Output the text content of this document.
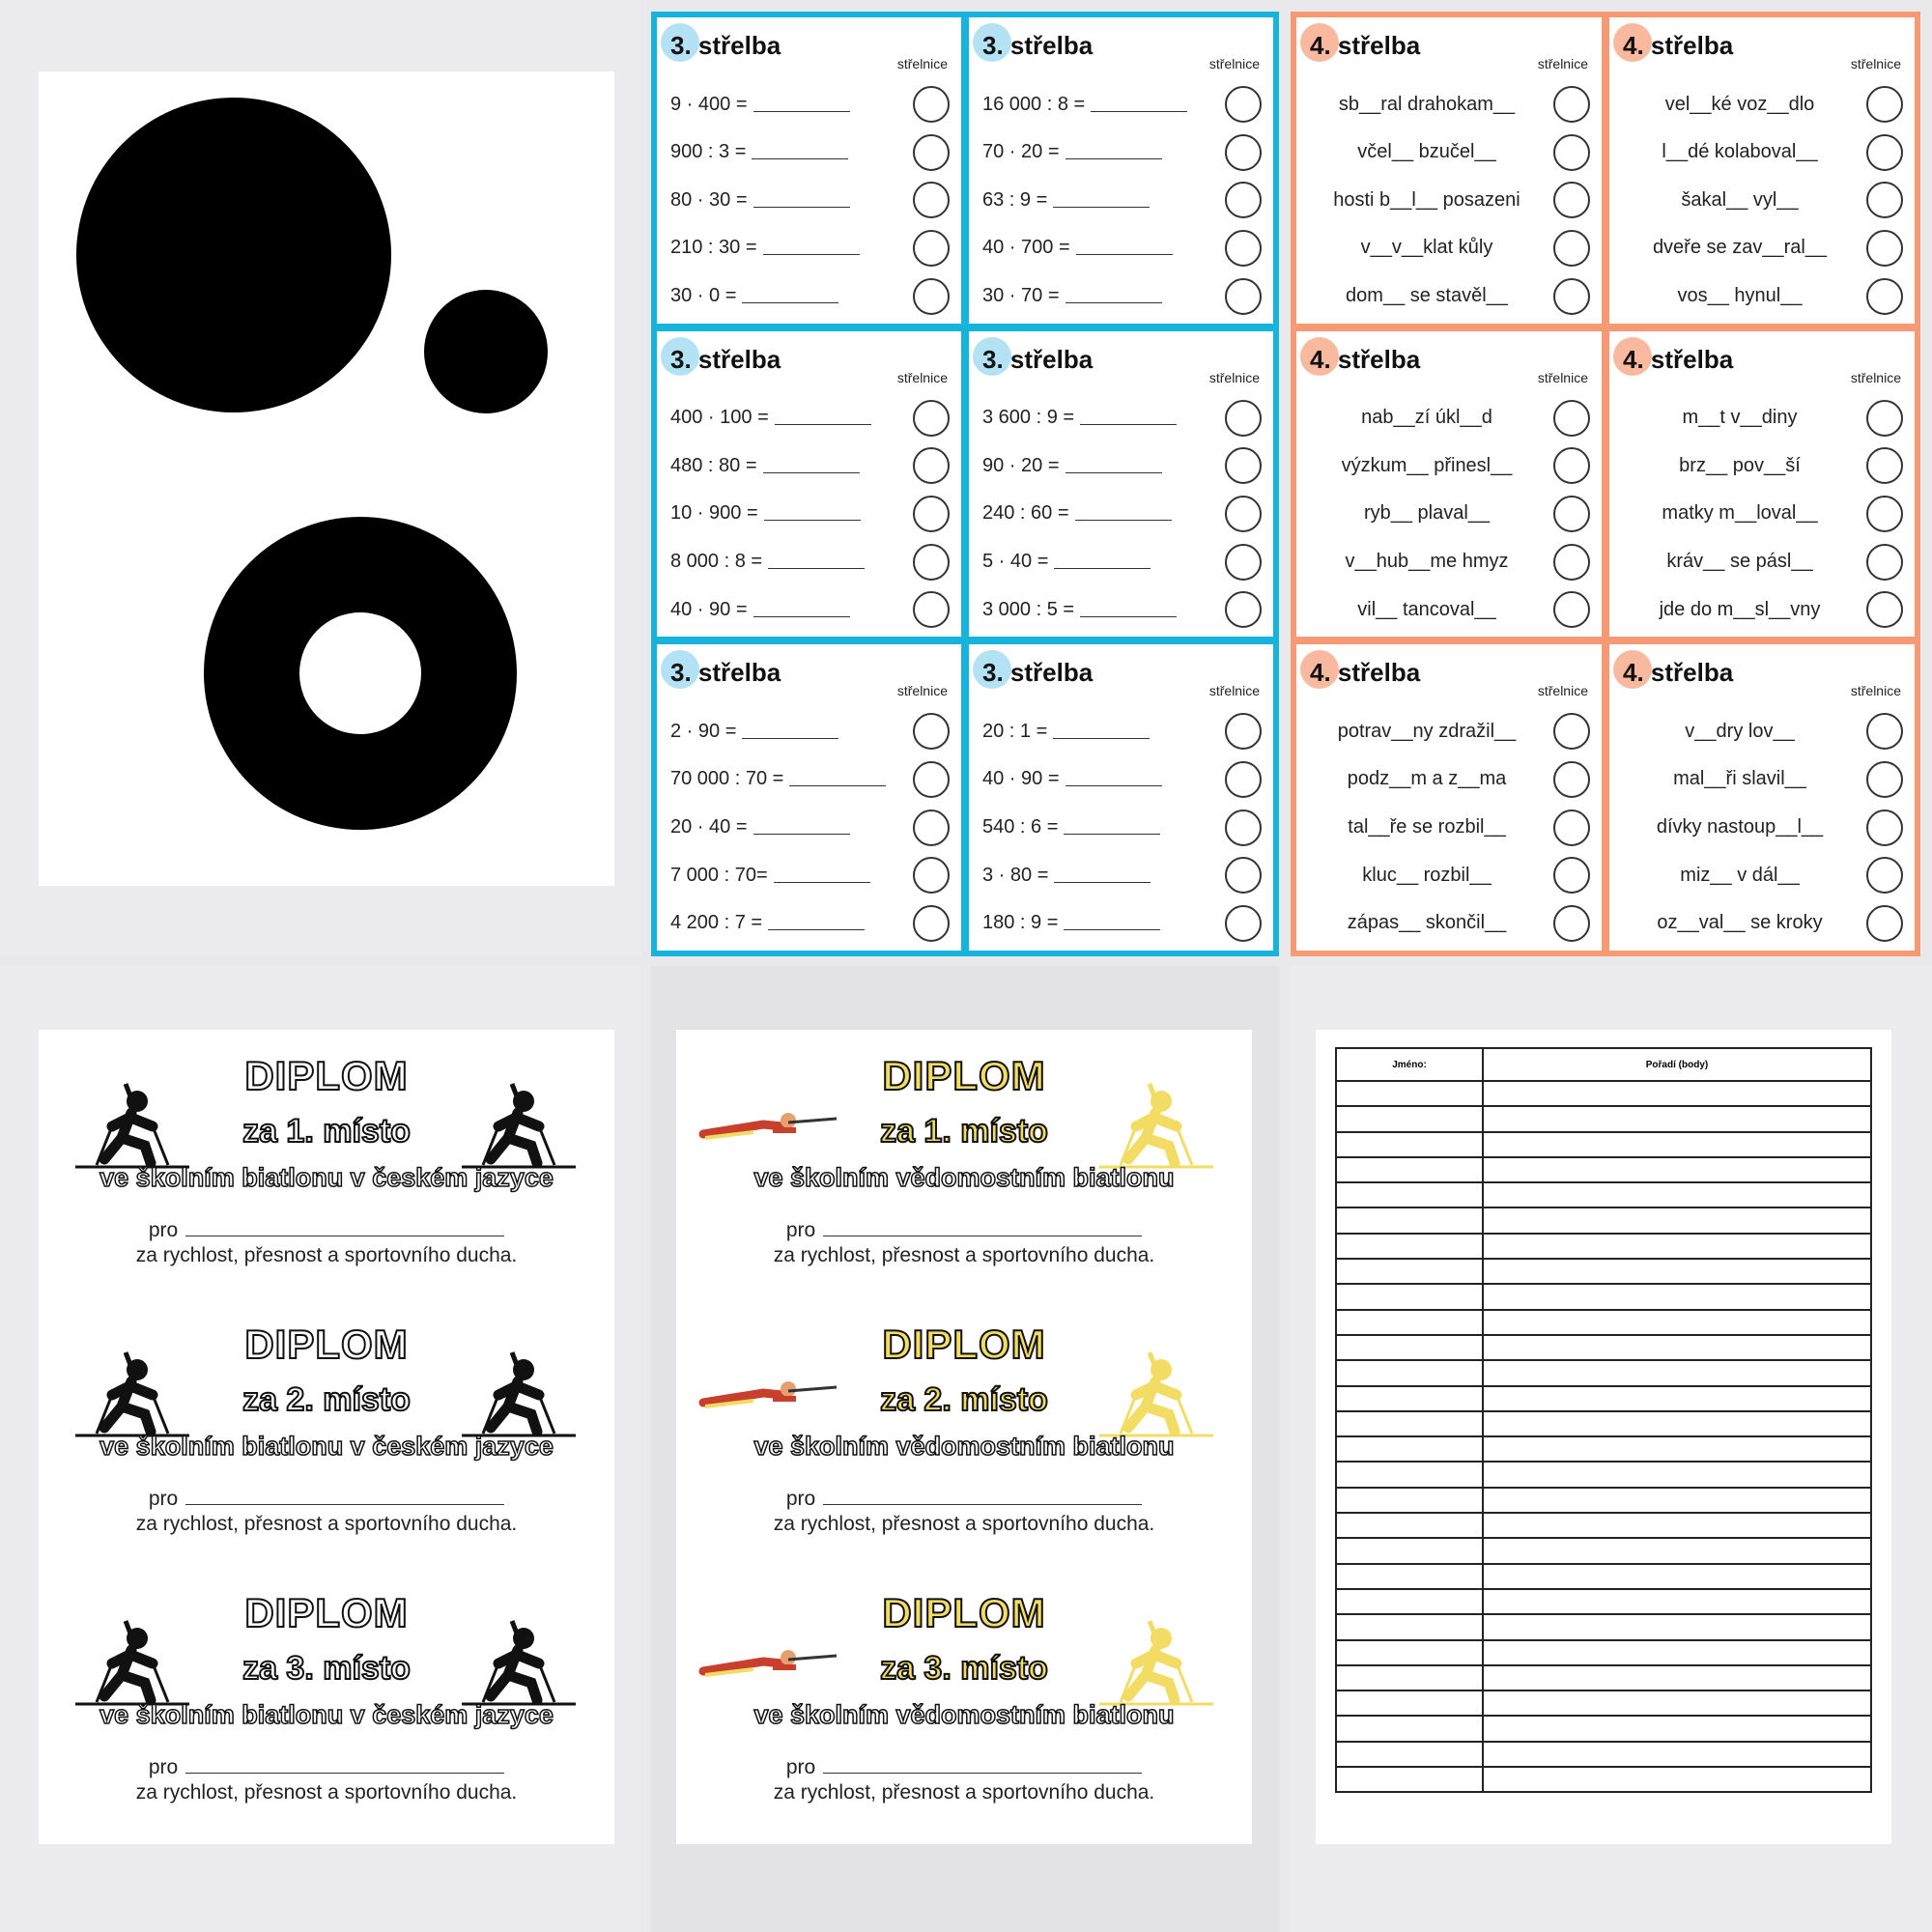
3. střelba
střelnice
9 · 400 =
900 : 3 =
80 · 30 =
210 : 30 =
30 · 0 =
3. střelba
střelnice
16 000 : 8 =
70 · 20 =
63 : 9 =
40 · 700 =
30 · 70 =
3. střelba
střelnice
400 · 100 =
480 : 80 =
10 · 900 =
8 000 : 8 =
40 · 90 =
3. střelba
střelnice
3 600 : 9 =
90 · 20 =
240 : 60 =
5 · 40 =
3 000 : 5 =
3. střelba
střelnice
2 · 90 =
70 000 : 70 =
20 · 40 =
7 000 : 70=
4 200 : 7 =
3. střelba
střelnice
20 : 1 =
40 · 90 =
540 : 6 =
3 · 80 =
180 : 9 =
4. střelba
střelnice
sb__ral drahokam__
včel__ bzučel__
hosti b__l__ posazeni
v__v__klat kůly
dom__ se stavěl__
4. střelba
střelnice
vel__ké voz__dlo
l__dé kolaboval__
šakal__ vyl__
dveře se zav__ral__
vos__ hynul__
4. střelba
střelnice
nab__zí úkl__d
výzkum__ přinesl__
ryb__ plaval__
v__hub__me hmyz
vil__ tancoval__
4. střelba
střelnice
m__t v__diny
brz__ pov__ší
matky m__loval__
kráv__ se pásl__
jde do m__sl__vny
4. střelba
střelnice
potrav__ny zdražil__
podz__m a z__ma
tal__ře se rozbil__
kluc__ rozbil__
zápas__ skončil__
4. střelba
střelnice
v__dry lov__
mal__ři slavil__
dívky nastoup__l__
miz__ v dál__
oz__val__ se kroky
DIPLOM
za 1. místo
ve školním biatlonu v českém jazyce
pro
za rychlost, přesnost a sportovního ducha.
DIPLOM
za 2. místo
ve školním biatlonu v českém jazyce
pro
za rychlost, přesnost a sportovního ducha.
DIPLOM
za 3. místo
ve školním biatlonu v českém jazyce
pro
za rychlost, přesnost a sportovního ducha.
DIPLOM
za 1. místo
ve školním vědomostním biatlonu
pro
za rychlost, přesnost a sportovního ducha.
DIPLOM
za 2. místo
ve školním vědomostním biatlonu
pro
za rychlost, přesnost a sportovního ducha.
DIPLOM
za 3. místo
ve školním vědomostním biatlonu
pro
za rychlost, přesnost a sportovního ducha.
Jméno:	Pořadí (body)
